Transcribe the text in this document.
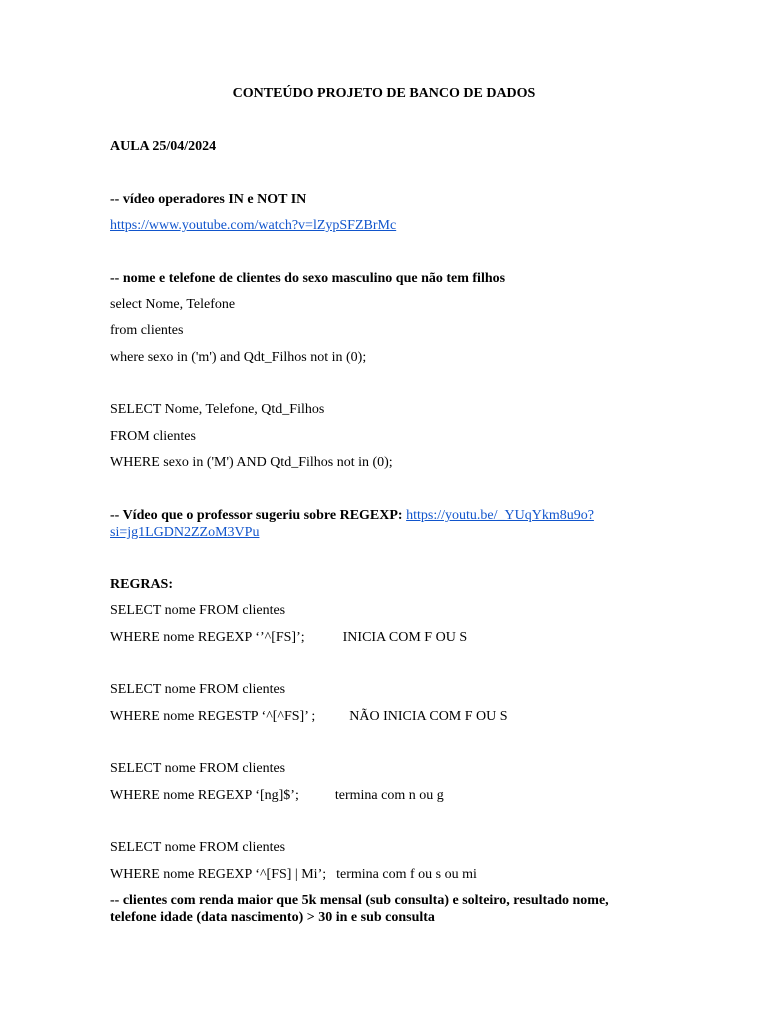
CONTEÚDO PROJETO DE BANCO DE DADOS
AULA 25/04/2024
-- vídeo operadores IN e NOT IN
https://www.youtube.com/watch?v=lZypSFZBrMc
-- nome e telefone de clientes do sexo masculino que não tem filhos
select Nome, Telefone
from clientes
where sexo in ('m') and Qdt_Filhos not in (0);
SELECT Nome, Telefone, Qtd_Filhos
FROM clientes
WHERE sexo in ('M') AND Qtd_Filhos not in (0);
-- Vídeo que o professor sugeriu sobre REGEXP: https://youtu.be/_YUqYkm8u9o?
si=jg1LGDN2ZZoM3VPu
REGRAS:
SELECT nome FROM clientes
WHERE nome REGEXP ‘’^[FS]’;	INICIA COM F OU S
SELECT nome FROM clientes
WHERE nome REGESTP ‘^[^FS]’ ; NÃO INICIA COM F OU S
SELECT nome FROM clientes
WHERE nome REGEXP ‘[ng]$’;	termina com n ou g
SELECT nome FROM clientes
WHERE nome REGEXP ‘^[FS] | Mi’; termina com f ou s ou mi
-- clientes com renda maior que 5k mensal (sub consulta) e solteiro, resultado nome,
telefone idade (data nascimento) > 30 in e sub consulta
